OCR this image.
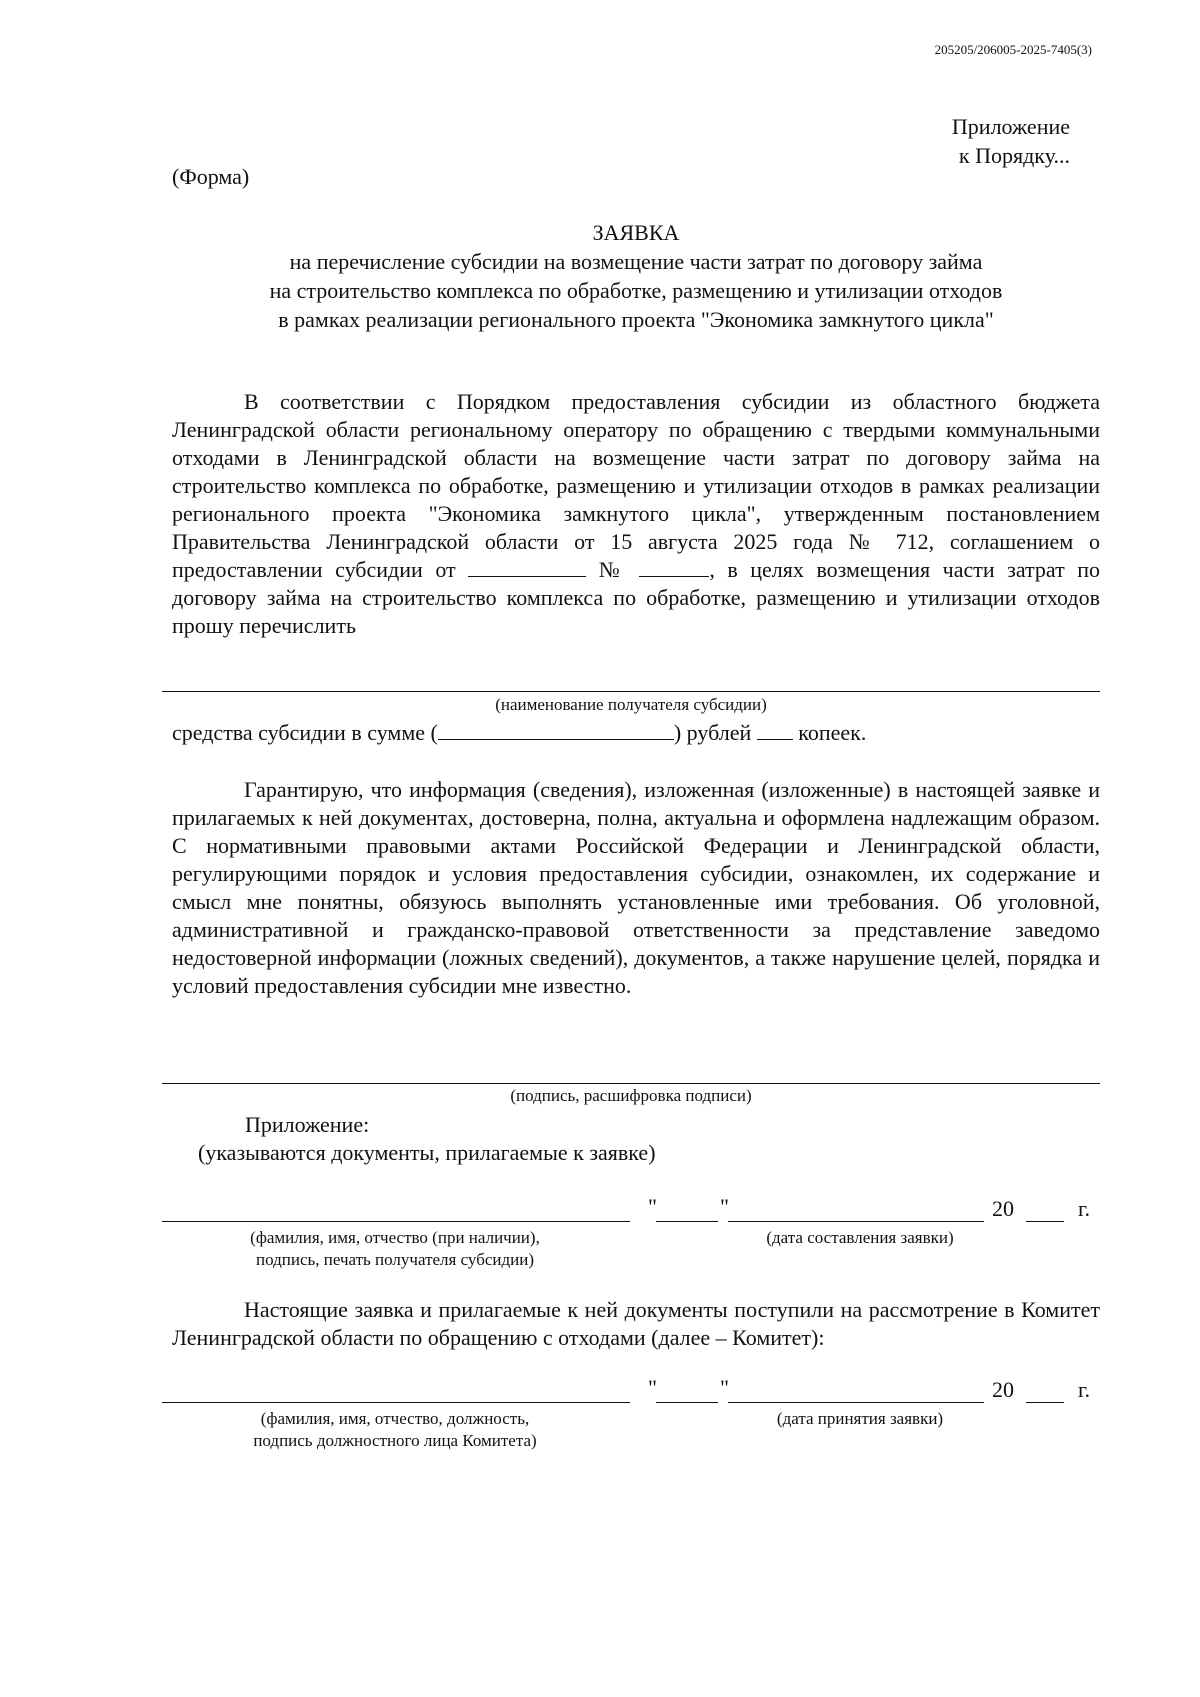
205205/206005-2025-7405(3)
Приложение
к Порядку...
(Форма)
ЗАЯВКА
на перечисление субсидии на возмещение части затрат по договору займа
на строительство комплекса по обработке, размещению и утилизации отходов
в рамках реализации регионального проекта "Экономика замкнутого цикла"
В соответствии с Порядком предоставления субсидии из областного бюджета Ленинградской области региональному оператору по обращению с твердыми коммунальными отходами в Ленинградской области на возмещение части затрат по договору займа на строительство комплекса по обработке, размещению и утилизации отходов в рамках реализации регионального проекта "Экономика замкнутого цикла", утвержденным постановлением Правительства Ленинградской области от 15 августа 2025 года № 712, соглашением о предоставлении субсидии от	№	, в целях возмещения части затрат по договору займа на строительство комплекса по обработке, размещению и утилизации отходов прошу перечислить
(наименование получателя субсидии)
средства субсидии в сумме (	) рублей копеек.
Гарантирую, что информация (сведения), изложенная (изложенные) в настоящей заявке и прилагаемых к ней документах, достоверна, полна, актуальна и оформлена надлежащим образом. С нормативными правовыми актами Российской Федерации и Ленинградской области, регулирующими порядок и условия предоставления субсидии, ознакомлен, их содержание и смысл мне понятны, обязуюсь выполнять установленные ими требования. Об уголовной, административной и гражданско-правовой ответственности за представление заведомо недостоверной информации (ложных сведений), документов, а также нарушение целей, порядка и условий предоставления субсидии мне известно.
(подпись, расшифровка подписи)
Приложение:
(указываются документы, прилагаемые к заявке)
"	"	20	г.
(фамилия, имя, отчество (при наличии),
подпись, печать получателя субсидии)
(дата составления заявки)
Настоящие заявка и прилагаемые к ней документы поступили на рассмотрение в Комитет Ленинградской области по обращению с отходами (далее – Комитет):
"	"	20	г.
(фамилия, имя, отчество, должность,
подпись должностного лица Комитета)
(дата принятия заявки)
